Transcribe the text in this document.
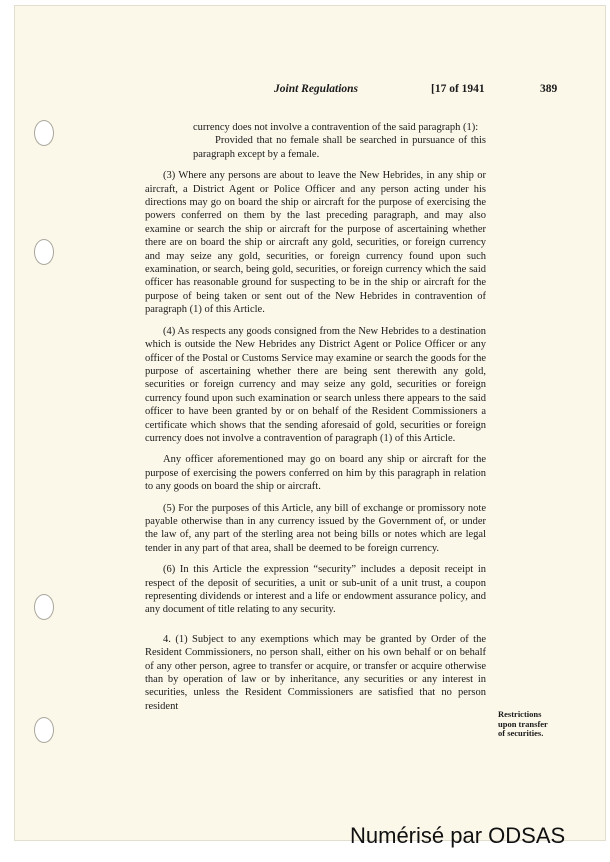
Joint Regulations	[17 of 1941	389

currency does not involve a contravention of the said paragraph (1):

Provided that no female shall be searched in pursuance of this paragraph except by a female.

(3) Where any persons are about to leave the New Hebrides, in any ship or aircraft, a District Agent or Police Officer and any person acting under his directions may go on board the ship or aircraft for the purpose of exercising the powers conferred on them by the last preceding paragraph, and may also examine or search the ship or aircraft for the purpose of ascertaining whether there are on board the ship or aircraft any gold, securities, or foreign currency and may seize any gold, securities, or foreign currency found upon such examination, or search, being gold, securities, or foreign currency which the said officer has reasonable ground for suspecting to be in the ship or aircraft for the purpose of being taken or sent out of the New Hebrides in contravention of paragraph (1) of this Article.

(4) As respects any goods consigned from the New Hebrides to a destination which is outside the New Hebrides any District Agent or Police Officer or any officer of the Postal or Customs Service may examine or search the goods for the purpose of ascertaining whether there are being sent therewith any gold, securities or foreign currency and may seize any gold, securities or foreign currency found upon such examination or search unless there appears to the said officer to have been granted by or on behalf of the Resident Commissioners a certificate which shows that the sending aforesaid of gold, securities or foreign currency does not involve a contravention of paragraph (1) of this Article.

Any officer aforementioned may go on board any ship or aircraft for the purpose of exercising the powers conferred on him by this paragraph in relation to any goods on board the ship or aircraft.

(5) For the purposes of this Article, any bill of exchange or promissory note payable otherwise than in any currency issued by the Government of, or under the law of, any part of the sterling area not being bills or notes which are legal tender in any part of that area, shall be deemed to be foreign currency.

(6) In this Article the expression “security” includes a deposit receipt in respect of the deposit of securities, a unit or sub-unit of a unit trust, a coupon representing dividends or interest and a life or endowment assurance policy, and any document of title relating to any security.

4. (1) Subject to any exemptions which may be granted by Order of the Resident Commissioners, no person shall, either on his own behalf or on behalf of any other person, agree to transfer or acquire, or transfer or acquire otherwise than by operation of law or by inheritance, any securities or any interest in securities, unless the Resident Commissioners are satisfied that no person resident

Restrictions
upon transfer
of securities.
Numérisé par ODSAS
